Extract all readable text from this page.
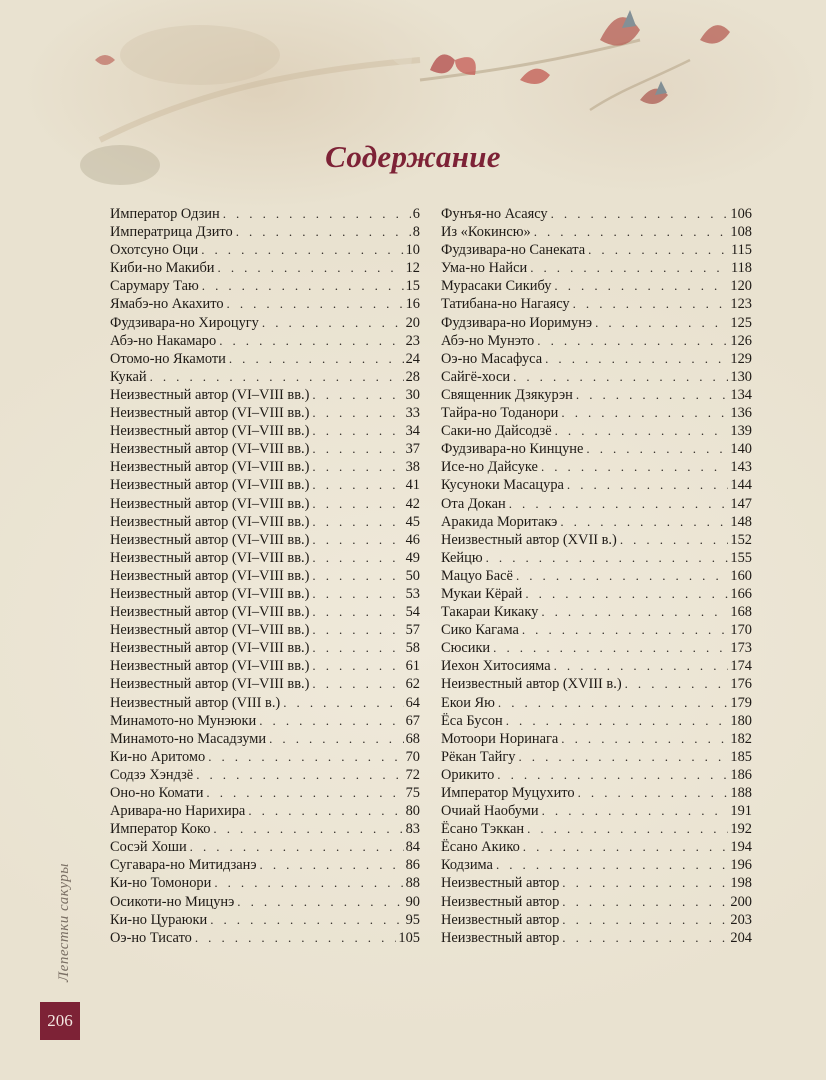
Содержание
Император Одзин . . .	6
Императрица Дзито . . .	8
Охотсуно Оци . . .	10
Киби-но Макиби . . .	12
Сарумару Таю . . .	15
Ямабэ-но Акахито . . .	16
Фудзивара-но Хироцугу . . .	20
Абэ-но Накамаро . . .	23
Отомо-но Якамоти . . .	24
Кукай . . .	28
Неизвестный автор (VI–VIII вв.) . . .	30
Неизвестный автор (VI–VIII вв.) . . .	33
Неизвестный автор (VI–VIII вв.) . . .	34
Неизвестный автор (VI–VIII вв.) . . .	37
Неизвестный автор (VI–VIII вв.) . . .	38
Неизвестный автор (VI–VIII вв.) . . .	41
Неизвестный автор (VI–VIII вв.) . . .	42
Неизвестный автор (VI–VIII вв.) . . .	45
Неизвестный автор (VI–VIII вв.) . . .	46
Неизвестный автор (VI–VIII вв.) . . .	49
Неизвестный автор (VI–VIII вв.) . . .	50
Неизвестный автор (VI–VIII вв.) . . .	53
Неизвестный автор (VI–VIII вв.) . . .	54
Неизвестный автор (VI–VIII вв.) . . .	57
Неизвестный автор (VI–VIII вв.) . . .	58
Неизвестный автор (VI–VIII вв.) . . .	61
Неизвестный автор (VI–VIII вв.) . . .	62
Неизвестный автор (VIII в.) . . .	64
Минамото-но Мунэюки . . .	67
Минамото-но Масадзуми . . .	68
Ки-но Аритомо . . .	70
Содзэ Хэндзё . . .	72
Оно-но Комати . . .	75
Аривара-но Нарихира . . .	80
Император Коко . . .	83
Сосэй Хоши . . .	84
Сугавара-но Митидзанэ . . .	86
Ки-но Томонори . . .	88
Осикоти-но Мицунэ . . .	90
Ки-но Цураюки . . .	95
Оэ-но Тисато . . .	105
Фунъя-но Асаясу . . .	106
Из «Кокинсю» . . .	108
Фудзивара-но Санеката . . .	115
Ума-но Найси . . .	118
Мурасаки Сикибу . . .	120
Татибана-но Нагаясу . . .	123
Фудзивара-но Иоримунэ . . .	125
Абэ-но Мунэто . . .	126
Оэ-но Масафуса . . .	129
Сайгё-хоси . . .	130
Священник Дзякурэн . . .	134
Тайра-но Тоданори . . .	136
Саки-но Дайсодзё . . .	139
Фудзивара-но Кинцуне . . .	140
Исе-но Дайсуке . . .	143
Кусуноки Масацура . . .	144
Ота Докан . . .	147
Аракида Моритакэ . . .	148
Неизвестный автор (XVII в.) . . .	152
Кейцю . . .	155
Мацуо Басё . . .	160
Мукаи Кёрай . . .	166
Такараи Кикаку . . .	168
Сико Кагама . . .	170
Сюсики . . .	173
Иехон Хитосияма . . .	174
Неизвестный автор (XVIII в.) . . .	176
Екои Яю . . .	179
Ёса Бусон . . .	180
Мотоори Норинага . . .	182
Рёкан Тайгу . . .	185
Орикито . . .	186
Император Муцухито . . .	188
Очиай Наобуми . . .	191
Ёсано Тэккан . . .	192
Ёсано Акико . . .	194
Кодзима . . .	196
Неизвестный автор . . .	198
Неизвестный автор . . .	200
Неизвестный автор . . .	203
Неизвестный автор . . .	204
Лепестки сакуры
206
